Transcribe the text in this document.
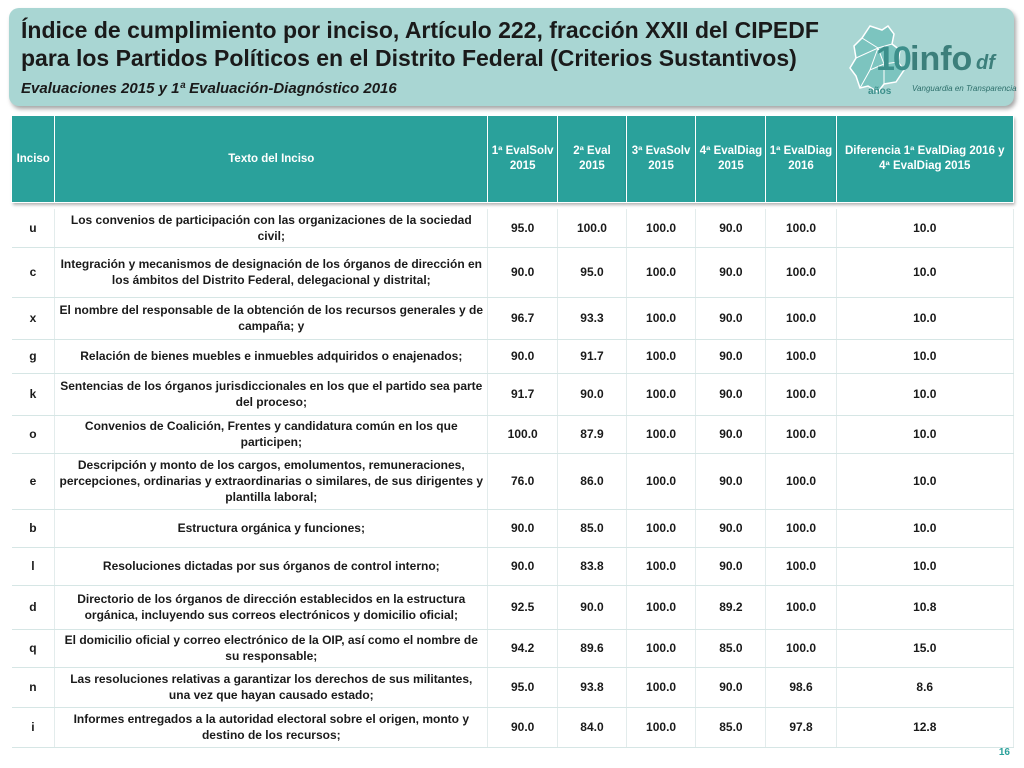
Índice de cumplimiento por inciso, Artículo 222, fracción XXII del CIPEDF para los Partidos Políticos en el Distrito Federal (Criterios Sustantivos)
Evaluaciones 2015 y 1ª Evaluación-Diagnóstico 2016
10 info df
años	Vanguardia en Transparencia
Inciso	Texto del Inciso	1ª EvalSolv 2015	2ª Eval 2015	3ª EvaSolv 2015	4ª EvalDiag 2015	1ª EvalDiag 2016	Diferencia 1ª EvalDiag 2016 y 4ª EvalDiag 2015

u	Los convenios de participación con las organizaciones de la sociedad civil;	95.0	100.0	100.0	90.0	100.0	10.0
c	Integración y mecanismos de designación de los órganos de dirección en los ámbitos del Distrito Federal, delegacional y distrital;	90.0	95.0	100.0	90.0	100.0	10.0
x	El nombre del responsable de la obtención de los recursos generales y de campaña; y	96.7	93.3	100.0	90.0	100.0	10.0
g	Relación de bienes muebles e inmuebles adquiridos o enajenados;	90.0	91.7	100.0	90.0	100.0	10.0
k	Sentencias de los órganos jurisdiccionales en los que el partido sea parte del proceso;	91.7	90.0	100.0	90.0	100.0	10.0
o	Convenios de Coalición, Frentes y candidatura común en los que participen;	100.0	87.9	100.0	90.0	100.0	10.0
e	Descripción y monto de los cargos, emolumentos, remuneraciones, percepciones, ordinarias y extraordinarias o similares, de sus dirigentes y plantilla laboral;	76.0	86.0	100.0	90.0	100.0	10.0
b	Estructura orgánica y funciones;	90.0	85.0	100.0	90.0	100.0	10.0
l	Resoluciones dictadas por sus órganos de control interno;	90.0	83.8	100.0	90.0	100.0	10.0
d	Directorio de los órganos de dirección establecidos en la estructura orgánica, incluyendo sus correos electrónicos y domicilio oficial;	92.5	90.0	100.0	89.2	100.0	10.8
q	El domicilio oficial y correo electrónico de la OIP, así como el nombre de su responsable;	94.2	89.6	100.0	85.0	100.0	15.0
n	Las resoluciones relativas a garantizar los derechos de sus militantes, una vez que hayan causado estado;	95.0	93.8	100.0	90.0	98.6	8.6
i	Informes entregados a la autoridad electoral sobre el origen, monto y destino de los recursos;	90.0	84.0	100.0	85.0	97.8	12.8
16
